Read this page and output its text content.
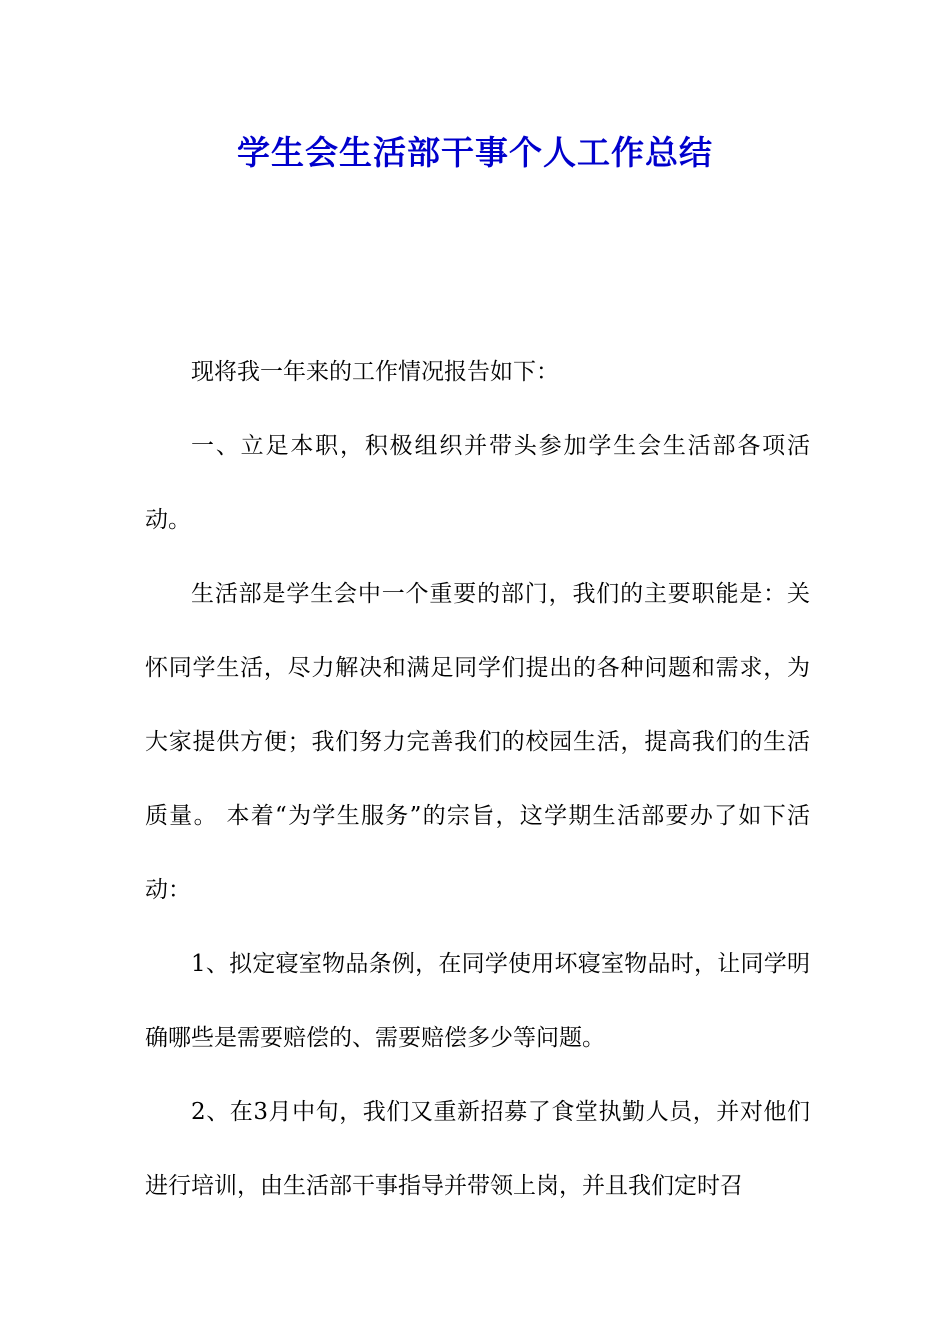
学生会生活部干事个人工作总结

现将我一年来的工作情况报告如下：

一、立足本职，积极组织并带头参加学生会生活部各项活动。

生活部是学生会中一个重要的部门，我们的主要职能是：关怀同学生活，尽力解决和满足同学们提出的各种问题和需求，为大家提供方便；我们努力完善我们的校园生活，提高我们的生活质量。 本着“为学生服务”的宗旨，这学期生活部要办了如下活动：

1、拟定寝室物品条例，在同学使用坏寝室物品时，让同学明确哪些是需要赔偿的、需要赔偿多少等问题。

2、在3月中旬，我们又重新招募了食堂执勤人员，并对他们进行培训，由生活部干事指导并带领上岗，并且我们定时召
